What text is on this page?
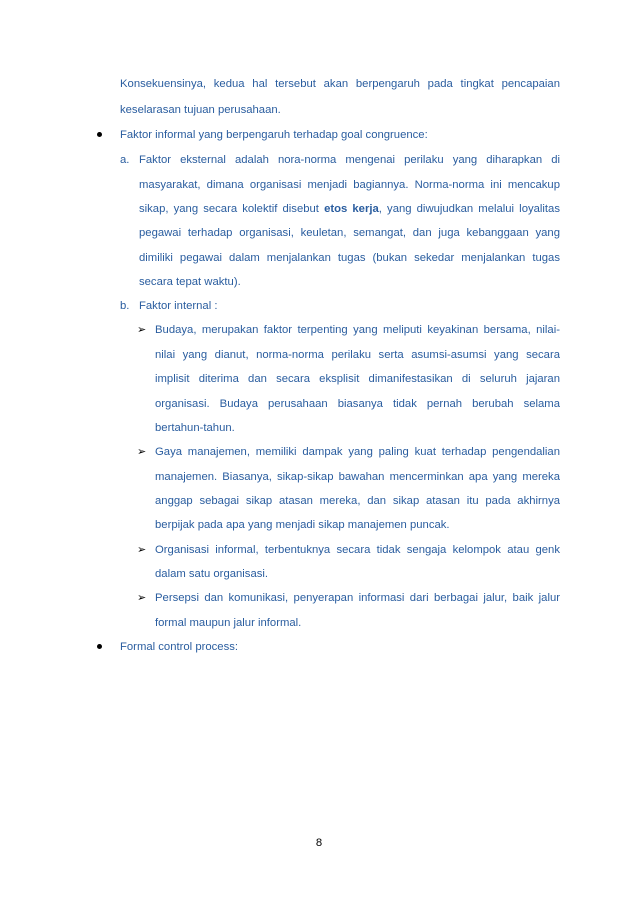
Konsekuensinya, kedua hal tersebut akan berpengaruh pada tingkat pencapaian
keselarasan tujuan perusahaan.
Faktor informal yang berpengaruh terhadap goal congruence:
a. Faktor eksternal adalah nora-norma mengenai perilaku yang diharapkan di
masyarakat, dimana organisasi menjadi bagiannya. Norma-norma ini mencakup
sikap, yang secara kolektif disebut etos kerja, yang diwujudkan melalui loyalitas
pegawai terhadap organisasi, keuletan, semangat, dan juga kebanggaan yang
dimiliki pegawai dalam menjalankan tugas (bukan sekedar menjalankan tugas
secara tepat waktu).
b. Faktor internal :
➢ Budaya, merupakan faktor terpenting yang meliputi keyakinan bersama, nilai-
nilai yang dianut, norma-norma perilaku serta asumsi-asumsi yang secara
implisit diterima dan secara eksplisit dimanifestasikan di seluruh jajaran
organisasi. Budaya perusahaan biasanya tidak pernah berubah selama
bertahun-tahun.
➢ Gaya manajemen, memiliki dampak yang paling kuat terhadap pengendalian
manajemen. Biasanya, sikap-sikap bawahan mencerminkan apa yang mereka
anggap sebagai sikap atasan mereka, dan sikap atasan itu pada akhirnya
berpijak pada apa yang menjadi sikap manajemen puncak.
➢ Organisasi informal, terbentuknya secara tidak sengaja kelompok atau genk
dalam satu organisasi.
➢ Persepsi dan komunikasi, penyerapan informasi dari berbagai jalur, baik jalur
formal maupun jalur informal.
Formal control process:
8
